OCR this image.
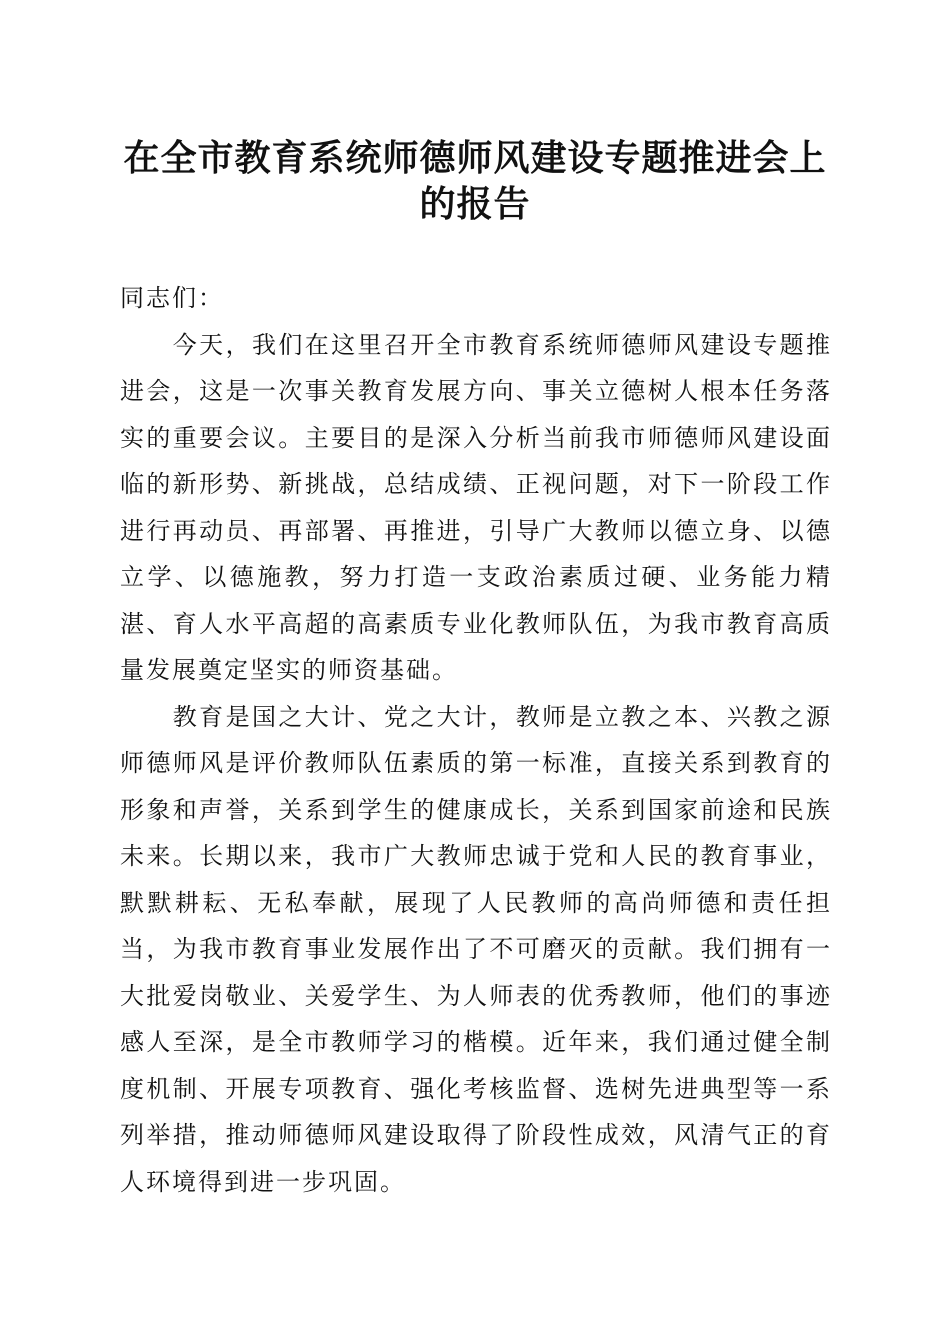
在全市教育系统师德师风建设专题推进会上的报告

同志们：

今天，我们在这里召开全市教育系统师德师风建设专题推进会，这是一次事关教育发展方向、事关立德树人根本任务落实的重要会议。主要目的是深入分析当前我市师德师风建设面临的新形势、新挑战，总结成绩、正视问题，对下一阶段工作进行再动员、再部署、再推进，引导广大教师以德立身、以德立学、以德施教，努力打造一支政治素质过硬、业务能力精湛、育人水平高超的高素质专业化教师队伍，为我市教育高质量发展奠定坚实的师资基础。

教育是国之大计、党之大计，教师是立教之本、兴教之源师德师风是评价教师队伍素质的第一标准，直接关系到教育的形象和声誉，关系到学生的健康成长，关系到国家前途和民族未来。长期以来，我市广大教师忠诚于党和人民的教育事业，默默耕耘、无私奉献，展现了人民教师的高尚师德和责任担当，为我市教育事业发展作出了不可磨灭的贡献。我们拥有一大批爱岗敬业、关爱学生、为人师表的优秀教师，他们的事迹感人至深，是全市教师学习的楷模。近年来，我们通过健全制度机制、开展专项教育、强化考核监督、选树先进典型等一系列举措，推动师德师风建设取得了阶段性成效，风清气正的育人环境得到进一步巩固。
